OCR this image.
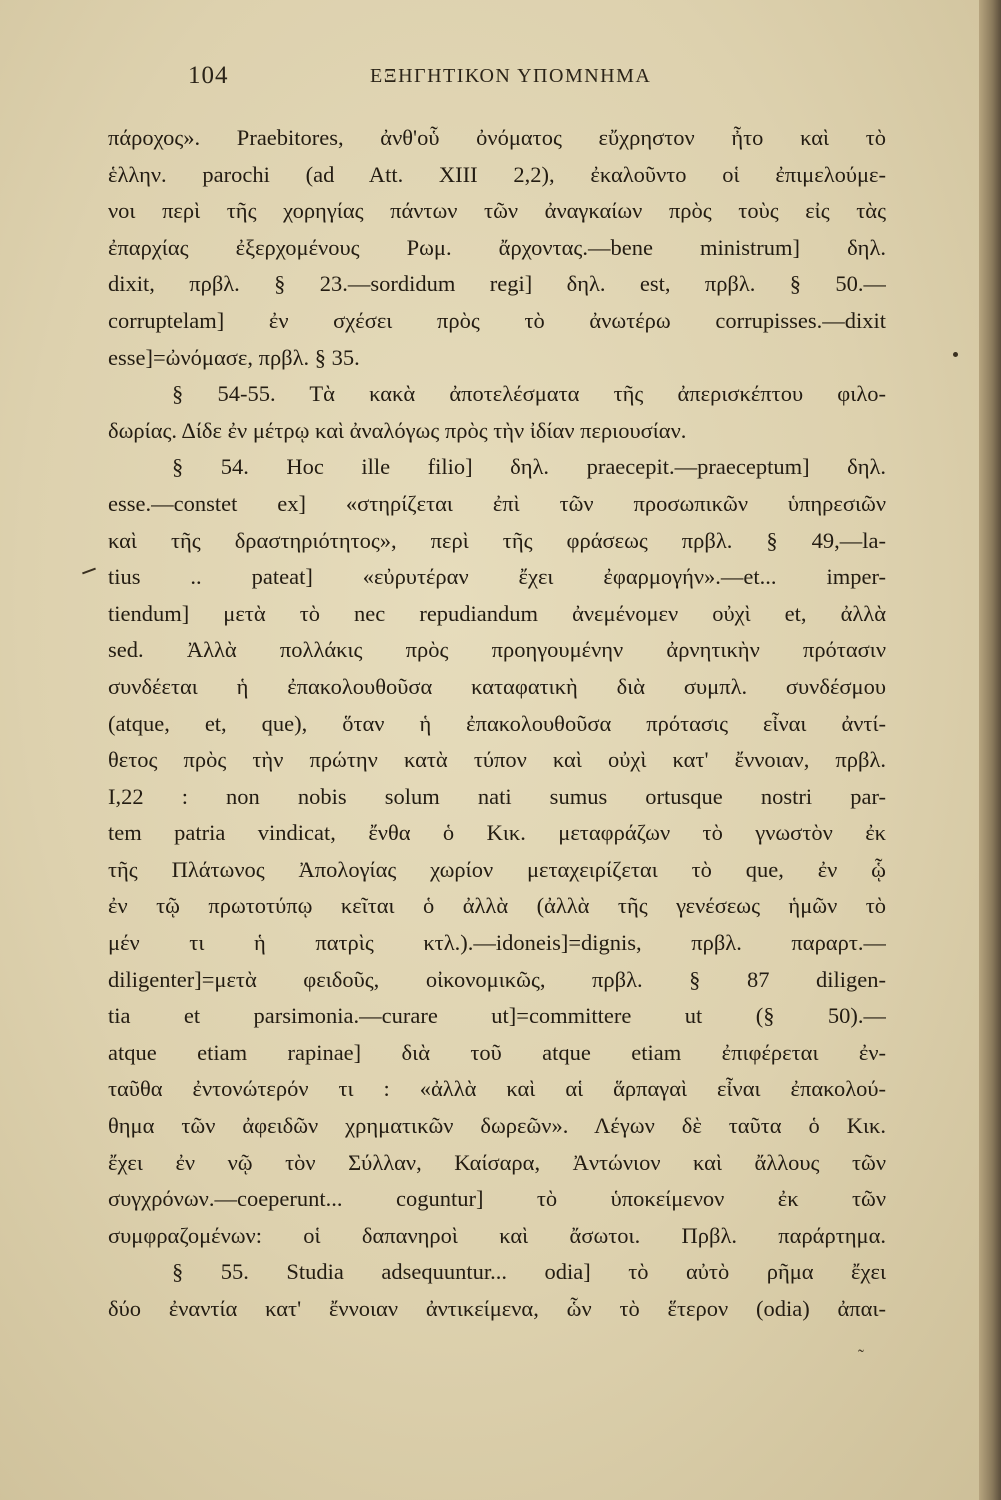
104	ΕΞΗΓΗΤΙΚΟΝ ΥΠΟΜΝΗΜΑ
πάροχος». Praebitores, ἀνθ'οὗ ὀνόματος εὔχρηστον ἦτο καὶ τὸ
ἑλλην. parochi (ad Att. XIII 2,2), ἐκαλοῦντο οἱ ἐπιμελούμε-
νοι περὶ τῆς χορηγίας πάντων τῶν ἀναγκαίων πρὸς τοὺς εἰς τὰς
ἐπαρχίας ἐξερχομένους Ρωμ. ἄρχοντας.—bene ministrum] δηλ.
dixit, πρβλ. § 23.—sordidum regi] δηλ. est, πρβλ. § 50.—
corruptelam] ἐν σχέσει πρὸς τὸ ἀνωτέρω corrupisses.—dixit
esse]=ὠνόμασε, πρβλ. § 35.
§ 54-55. Τὰ κακὰ ἀποτελέσματα τῆς ἀπερισκέπτου φιλο-
δωρίας. Δίδε ἐν μέτρῳ καὶ ἀναλόγως πρὸς τὴν ἰδίαν περιουσίαν.
§ 54. Hoc ille filio] δηλ. praecepit.—praeceptum] δηλ.
esse.—constet ex] «στηρίζεται ἐπὶ τῶν προσωπικῶν ὑπηρεσιῶν
καὶ τῆς δραστηριότητος», περὶ τῆς φράσεως πρβλ. § 49,—la-
tius .. pateat] «εὐρυτέραν ἔχει ἐφαρμογήν».—et... imper-
tiendum] μετὰ τὸ nec repudiandum ἀνεμένομεν οὐχὶ et, ἀλλὰ
sed. Ἀλλὰ πολλάκις πρὸς προηγουμένην ἀρνητικὴν πρότασιν
συνδέεται ἡ ἐπακολουθοῦσα καταφατικὴ διὰ συμπλ. συνδέσμου
(atque, et, que), ὅταν ἡ ἐπακολουθοῦσα πρότασις εἶναι ἀντί-
θετος πρὸς τὴν πρώτην κατὰ τύπον καὶ οὐχὶ κατ' ἔννοιαν, πρβλ.
I,22 : non nobis solum nati sumus ortusque nostri par-
tem patria vindicat, ἔνθα ὁ Κικ. μεταφράζων τὸ γνωστὸν ἐκ
τῆς Πλάτωνος Ἀπολογίας χωρίον μεταχειρίζεται τὸ que, ἐν ᾧ
ἐν τῷ πρωτοτύπῳ κεῖται ὁ ἀλλὰ (ἀλλὰ τῆς γενέσεως ἡμῶν τὸ
μέν τι ἡ πατρὶς κτλ.).—idoneis]=dignis, πρβλ. παραρτ.—
diligenter]=μετὰ φειδοῦς, οἰκονομικῶς, πρβλ. § 87 diligen-
tia et parsimonia.—curare ut]=committere ut (§ 50).—
atque etiam rapinae] διὰ τοῦ atque etiam ἐπιφέρεται ἐν-
ταῦθα ἐντονώτερόν τι : «ἀλλὰ καὶ αἱ ἅρπαγαὶ εἶναι ἐπακολού-
θημα τῶν ἀφειδῶν χρηματικῶν δωρεῶν». Λέγων δὲ ταῦτα ὁ Κικ.
ἔχει ἐν νῷ τὸν Σύλλαν, Καίσαρα, Ἀντώνιον καὶ ἄλλους τῶν
συγχρόνων.—coeperunt... coguntur] τὸ ὑποκείμενον ἐκ τῶν
συμφραζομένων: οἱ δαπανηροὶ καὶ ἄσωτοι. Πρβλ. παράρτημα.
§ 55. Studia adsequuntur... odia] τὸ αὐτὸ ρῆμα ἔχει
δύο ἐναντία κατ' ἔννοιαν ἀντικείμενα, ὧν τὸ ἕτερον (odia) ἀπαι-
˜
